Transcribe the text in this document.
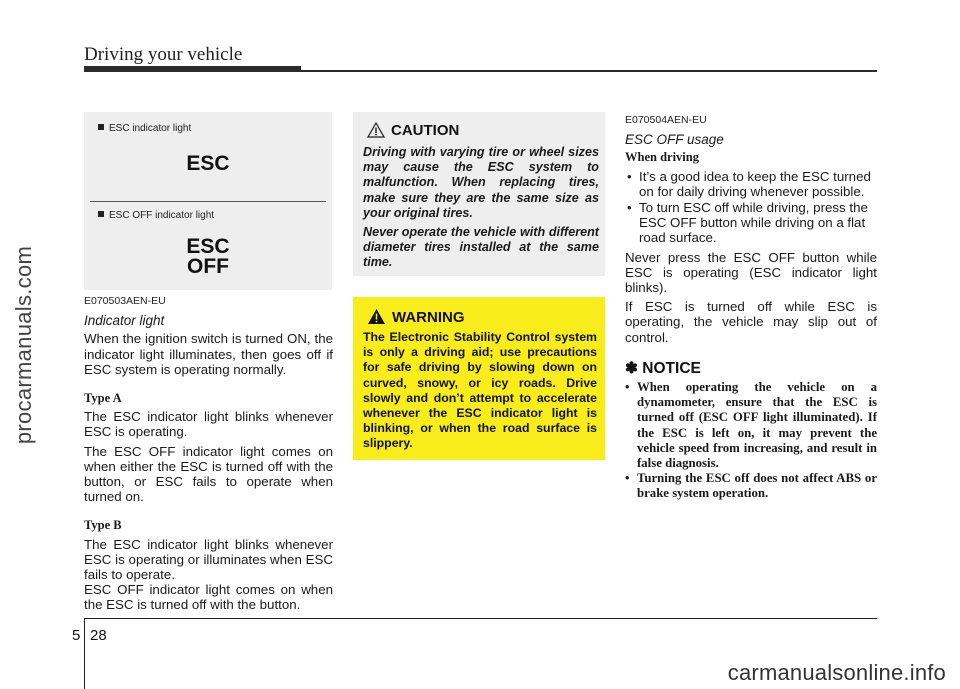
Driving your vehicle
procarmanuals.com
ESC indicator light
ESC
ESC OFF indicator light
ESC
OFF

E070503AEN-EU

Indicator light

When the ignition switch is turned ON, the indicator light illuminates, then goes off if ESC system is operating normally.

Type A

The ESC indicator light blinks whenever ESC is operating.

The ESC OFF indicator light comes on when either the ESC is turned off with the button, or ESC fails to operate when turned on.

Type B

The ESC indicator light blinks whenever ESC is operating or illuminates when ESC fails to operate.

ESC OFF indicator light comes on when the ESC is turned off with the button.

CAUTION

Driving with varying tire or wheel sizes may cause the ESC system to malfunction. When replacing tires, make sure they are the same size as your original tires.

Never operate the vehicle with different diameter tires installed at the same time.

WARNING
The Electronic Stability Control system is only a driving aid; use precautions for safe driving by slowing down on curved, snowy, or icy roads. Drive slowly and don’t attempt to accelerate whenever the ESC indicator light is blinking, or when the road surface is slippery.

E070504AEN-EU

ESC OFF usage

When driving

• It’s a good idea to keep the ESC turned on for daily driving whenever possible.
• To turn ESC off while driving, press the ESC OFF button while driving on a flat road surface.

Never press the ESC OFF button while ESC is operating (ESC indicator light blinks).

If ESC is turned off while ESC is operating, the vehicle may slip out of control.

✽ NOTICE
• When operating the vehicle on a dynamometer, ensure that the ESC is turned off (ESC OFF light illuminated). If the ESC is left on, it may prevent the vehicle speed from increasing, and result in false diagnosis.
• Turning the ESC off does not affect ABS or brake system operation.
5 28
carmanualsonline.info
